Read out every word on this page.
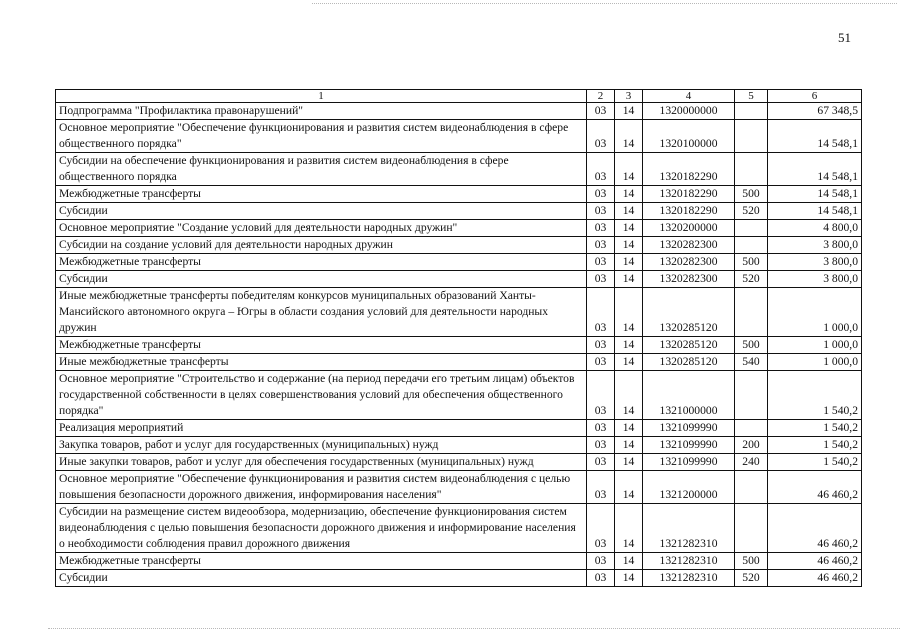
51
1	2	3	4	5	6
Подпрограмма "Профилактика правонарушений"	03	14	1320000000		67 348,5
Основное мероприятие "Обеспечение функционирования и развития систем видеонаблюдения в сфере общественного порядка"	03	14	1320100000		14 548,1
Субсидии на обеспечение функционирования и развития систем видеонаблюдения в сфере общественного порядка	03	14	1320182290		14 548,1
Межбюджетные трансферты	03	14	1320182290	500	14 548,1
Субсидии	03	14	1320182290	520	14 548,1
Основное мероприятие "Создание условий для деятельности народных дружин"	03	14	1320200000		4 800,0
Субсидии на создание условий для деятельности народных дружин	03	14	1320282300		3 800,0
Межбюджетные трансферты	03	14	1320282300	500	3 800,0
Субсидии	03	14	1320282300	520	3 800,0
Иные межбюджетные трансферты победителям конкурсов муниципальных образований Ханты-Мансийского автономного округа – Югры в области создания условий для деятельности народных дружин	03	14	1320285120		1 000,0
Межбюджетные трансферты	03	14	1320285120	500	1 000,0
Иные межбюджетные трансферты	03	14	1320285120	540	1 000,0
Основное мероприятие "Строительство и содержание (на период передачи его третьим лицам) объектов государственной собственности в целях совершенствования условий для обеспечения общественного порядка"	03	14	1321000000		1 540,2
Реализация мероприятий	03	14	1321099990		1 540,2
Закупка товаров, работ и услуг для государственных (муниципальных) нужд	03	14	1321099990	200	1 540,2
Иные закупки товаров, работ и услуг для обеспечения государственных (муниципальных) нужд	03	14	1321099990	240	1 540,2
Основное мероприятие "Обеспечение функционирования и развития систем видеонаблюдения с целью повышения безопасности дорожного движения, информирования населения"	03	14	1321200000		46 460,2
Субсидии на размещение систем видеообзора, модернизацию, обеспечение функционирования систем видеонаблюдения с целью повышения безопасности дорожного движения и информирование населения о необходимости соблюдения правил дорожного движения	03	14	1321282310		46 460,2
Межбюджетные трансферты	03	14	1321282310	500	46 460,2
Субсидии	03	14	1321282310	520	46 460,2
